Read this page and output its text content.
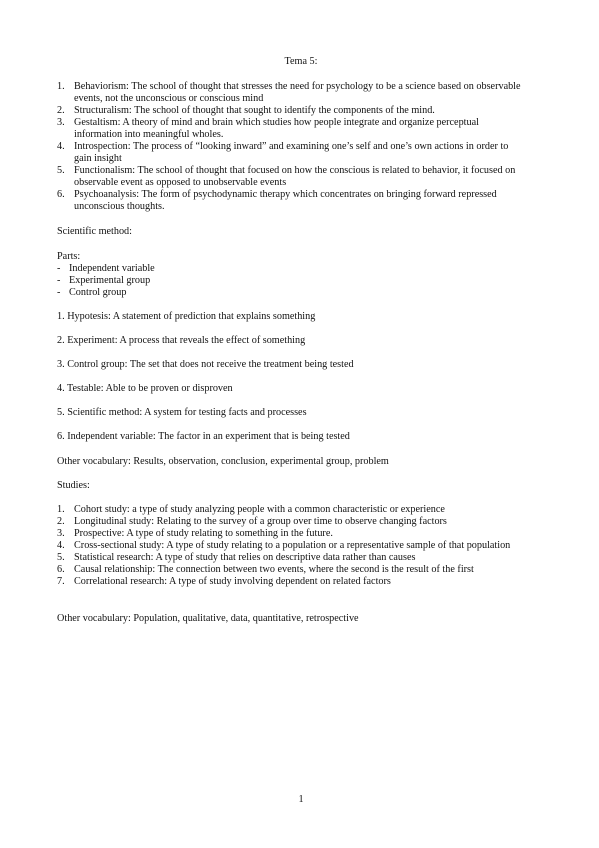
Tema 5:
1. Behaviorism: The school of thought that stresses the need for psychology to be a science based on observable events, not the unconscious or conscious mind
2. Structuralism: The school of thought that sought to identify the components of the mind.
3. Gestaltism: A theory of mind and brain which studies how people integrate and organize perceptual information into meaningful wholes.
4. Introspection: The process of “looking inward” and examining one’s self and one’s own actions in order to gain insight
5. Functionalism: The school of thought that focused on how the conscious is related to behavior, it focused on observable event as opposed to unobservable events
6. Psychoanalysis: The form of psychodynamic therapy which concentrates on bringing forward repressed unconscious thoughts.

Scientific method:

Parts:

- Independent variable
- Experimental group
- Control group

1. Hypotesis: A statement of prediction that explains something

2. Experiment: A process that reveals the effect of something

3. Control group: The set that does not receive the treatment being tested

4. Testable: Able to be proven or disproven

5. Scientific method: A system for testing facts and processes

6. Independent variable: The factor in an experiment that is being tested

Other vocabulary: Results, observation, conclusion, experimental group, problem

Studies:

1. Cohort study: a type of study analyzing people with a common characteristic or experience
2. Longitudinal study: Relating to the survey of a group over time to observe changing factors
3. Prospective: A type of study relating to something in the future.
4. Cross-sectional study: A type of study relating to a population or a representative sample of that population
5. Statistical research: A type of study that relies on descriptive data rather than causes
6. Causal relationship: The connection between two events, where the second is the result of the first
7. Correlational research: A type of study involving dependent on related factors

Other vocabulary: Population, qualitative, data, quantitative, retrospective

1
